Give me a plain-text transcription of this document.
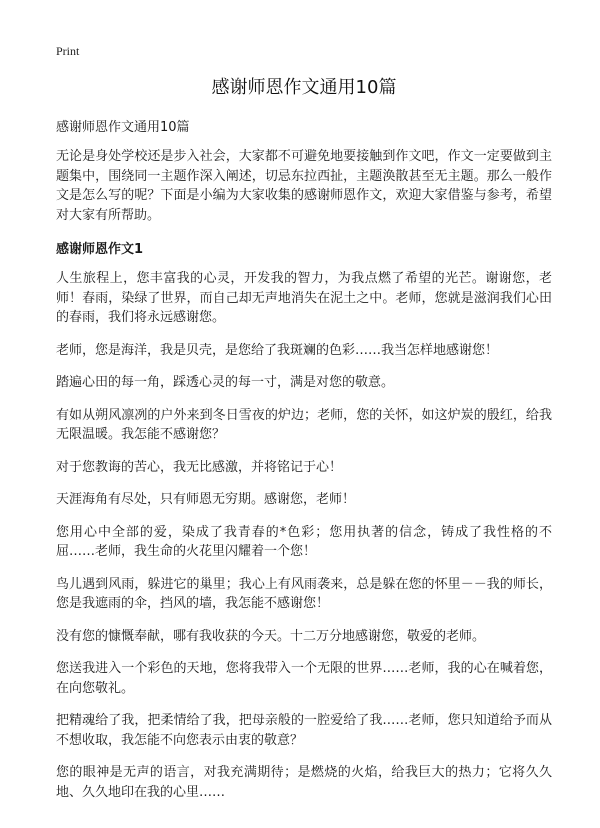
Print
感谢师恩作文通用10篇
感谢师恩作文通用10篇

无论是身处学校还是步入社会，大家都不可避免地要接触到作文吧，作文一定要做到主题集中，围绕同一主题作深入阐述，切忌东拉西扯，主题涣散甚至无主题。那么一般作文是怎么写的呢？下面是小编为大家收集的感谢师恩作文，欢迎大家借鉴与参考，希望对大家有所帮助。

感谢师恩作文1

人生旅程上，您丰富我的心灵，开发我的智力，为我点燃了希望的光芒。谢谢您，老师！春雨，染绿了世界，而自己却无声地消失在泥土之中。老师，您就是滋润我们心田的春雨，我们将永远感谢您。

老师，您是海洋，我是贝壳，是您给了我斑斓的色彩……我当怎样地感谢您！

踏遍心田的每一角，踩透心灵的每一寸，满是对您的敬意。

有如从朔风凛冽的户外来到冬日雪夜的炉边；老师，您的关怀，如这炉炭的殷红，给我无限温暖。我怎能不感谢您？

对于您教诲的苦心，我无比感激，并将铭记于心！

天涯海角有尽处，只有师恩无穷期。感谢您，老师！

您用心中全部的爱，染成了我青春的*色彩；您用执著的信念，铸成了我性格的不屈……老师，我生命的火花里闪耀着一个您！

鸟儿遇到风雨，躲进它的巢里；我心上有风雨袭来，总是躲在您的怀里－－我的师长，您是我遮雨的伞，挡风的墙，我怎能不感谢您！

没有您的慷慨奉献，哪有我收获的今天。十二万分地感谢您，敬爱的老师。

您送我进入一个彩色的天地，您将我带入一个无限的世界……老师，我的心在喊着您，在向您敬礼。

把精魂给了我，把柔情给了我，把母亲般的一腔爱给了我……老师，您只知道给予而从不想收取，我怎能不向您表示由衷的敬意？

您的眼神是无声的语言，对我充满期待；是燃烧的火焰，给我巨大的热力；它将久久地、久久地印在我的心里……
